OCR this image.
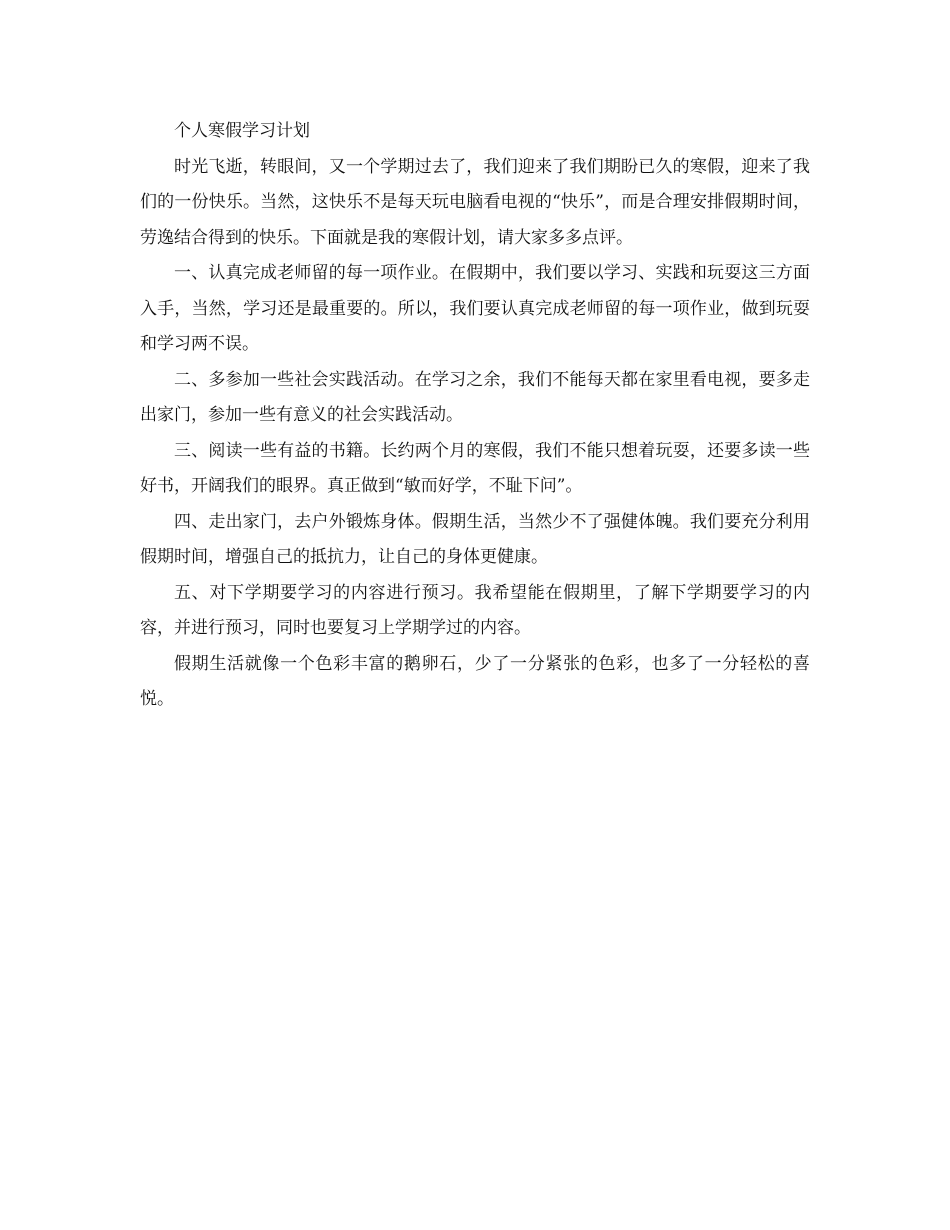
个人寒假学习计划

时光飞逝，转眼间，又一个学期过去了，我们迎来了我们期盼已久的寒假，迎来了我们的一份快乐。当然，这快乐不是每天玩电脑看电视的“快乐”，而是合理安排假期时间，劳逸结合得到的快乐。下面就是我的寒假计划，请大家多多点评。

一、认真完成老师留的每一项作业。在假期中，我们要以学习、实践和玩耍这三方面入手，当然，学习还是最重要的。所以，我们要认真完成老师留的每一项作业，做到玩耍和学习两不误。

二、多参加一些社会实践活动。在学习之余，我们不能每天都在家里看电视，要多走出家门，参加一些有意义的社会实践活动。

三、阅读一些有益的书籍。长约两个月的寒假，我们不能只想着玩耍，还要多读一些好书，开阔我们的眼界。真正做到“敏而好学，不耻下问”。

四、走出家门，去户外锻炼身体。假期生活，当然少不了强健体魄。我们要充分利用假期时间，增强自己的抵抗力，让自己的身体更健康。

五、对下学期要学习的内容进行预习。我希望能在假期里，了解下学期要学习的内容，并进行预习，同时也要复习上学期学过的内容。

假期生活就像一个色彩丰富的鹅卵石，少了一分紧张的色彩，也多了一分轻松的喜悦。
